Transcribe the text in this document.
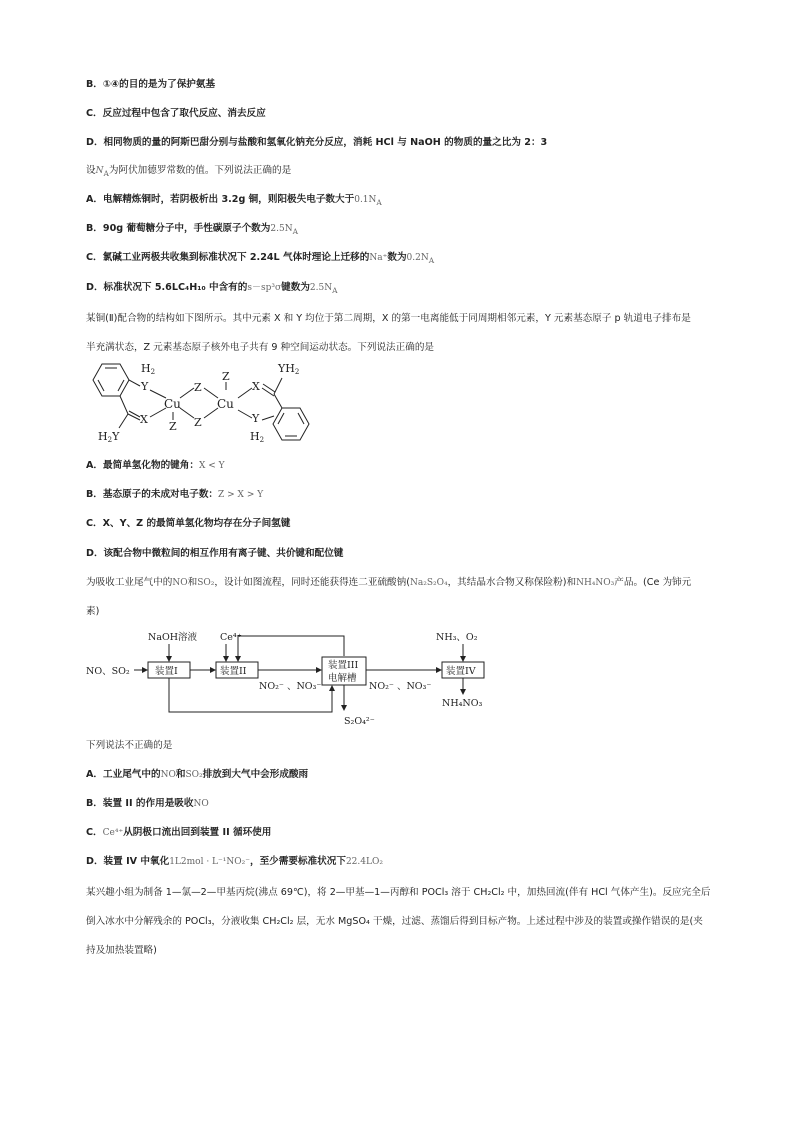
B．①④的目的是为了保护氨基
C．反应过程中包含了取代反应、消去反应
D．相同物质的量的阿斯巴甜分别与盐酸和氢氧化钠充分反应，消耗 HCl 与 NaOH 的物质的量之比为 2：3
设$N_A$为阿伏加德罗常数的值。下列说法正确的是
A．电解精炼铜时，若阴极析出 3.2g 铜，则阳极失电子数大于$0.1N_A$
B．90g 葡萄糖分子中，手性碳原子个数为$2.5N_A$
C．氯碱工业两极共收集到标准状况下 2.24L 气体时理论上迁移的Na⁺数为$0.2N_A$
D．标准状况下 5.6LC₄H₁₀ 中含有的s－sp³σ键数为$2.5N_A$
某铜(Ⅱ)配合物的结构如下图所示。其中元素 X 和 Y 均位于第二周期，X 的第一电离能低于同周期相邻元素，Y 元素基态原子 p 轨道电子排布是
半充满状态，Z 元素基态原子核外电子共有 9 种空间运动状态。下列说法正确的是
H2
Y
X
Cu
Z
Z
Z
Cu
Z
X
Y
YH2
H2
H2Y
A．最简单氢化物的键角：X < Y
B．基态原子的未成对电子数：Z > X > Y
C．X、Y、Z 的最简单氢化物均存在分子间氢键
D．该配合物中微粒间的相互作用有离子键、共价键和配位键
为吸收工业尾气中的NO和SO₂，设计如图流程，同时还能获得连二亚硫酸钠(Na₂S₂O₄，其结晶水合物又称保险粉)和NH₄NO₃产品。(Ce 为铈元
素)
NaOH溶液 Ce⁴⁺	NH₃、O₂
NO、SO₂	装置I	装置II
装置III
电解槽
装置IV
NO₂⁻ 、NO₃⁻	NO₂⁻ 、NO₃⁻
S₂O₄²⁻
NH₄NO₃
下列说法不正确的是
A．工业尾气中的NO和SO₂排放到大气中会形成酸雨
B．装置 II 的作用是吸收NO
C．Ce⁴⁺从阴极口流出回到装置 II 循环使用
D．装置 IV 中氧化1L2mol · L⁻¹NO₂⁻，至少需要标准状况下22.4LO₂
某兴趣小组为制备 1—氯—2—甲基丙烷(沸点 69℃)，将 2—甲基—1—丙醇和 POCl₃ 溶于 CH₂Cl₂ 中，加热回流(伴有 HCl 气体产生)。反应完全后
倒入冰水中分解残余的 POCl₃，分液收集 CH₂Cl₂ 层，无水 MgSO₄ 干燥，过滤、蒸馏后得到目标产物。上述过程中涉及的装置或操作错误的是(夹
持及加热装置略)
